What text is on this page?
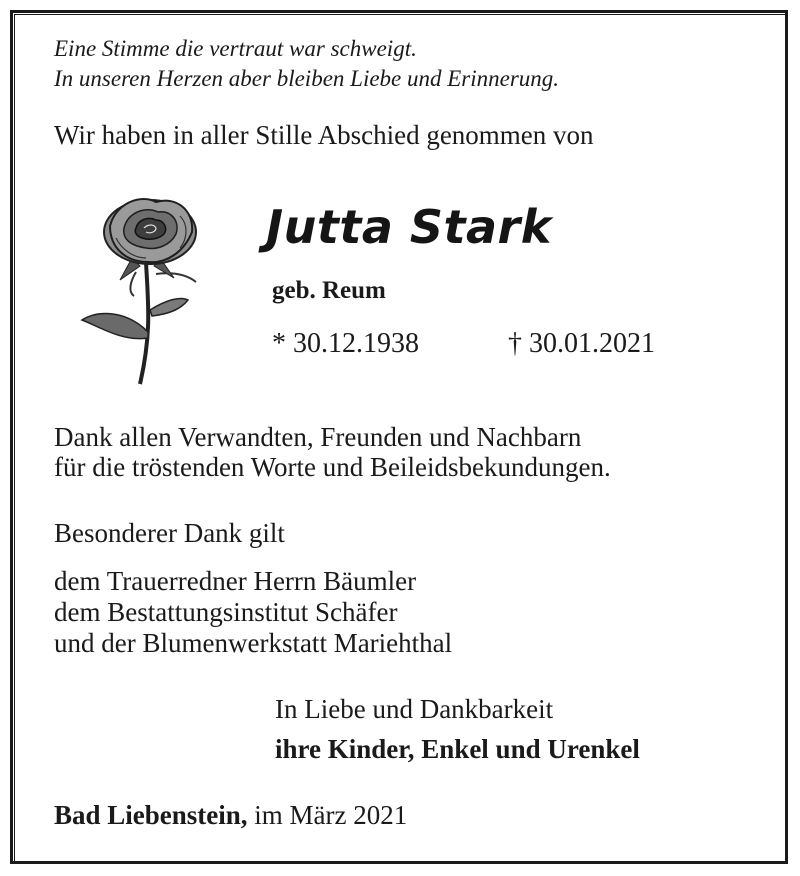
Eine Stimme die vertraut war schweigt.
In unseren Herzen aber bleiben Liebe und Erinnerung.
Wir haben in aller Stille Abschied genommen von
Jutta Stark
geb. Reum
* 30.12.1938	† 30.01.2021
Dank allen Verwandten, Freunden und Nachbarn
für die tröstenden Worte und Beileidsbekundungen.
Besonderer Dank gilt
dem Trauerredner Herrn Bäumler
dem Bestattungsinstitut Schäfer
und der Blumenwerkstatt Mariehthal
In Liebe und Dankbarkeit
ihre Kinder, Enkel und Urenkel
Bad Liebenstein, im März 2021
